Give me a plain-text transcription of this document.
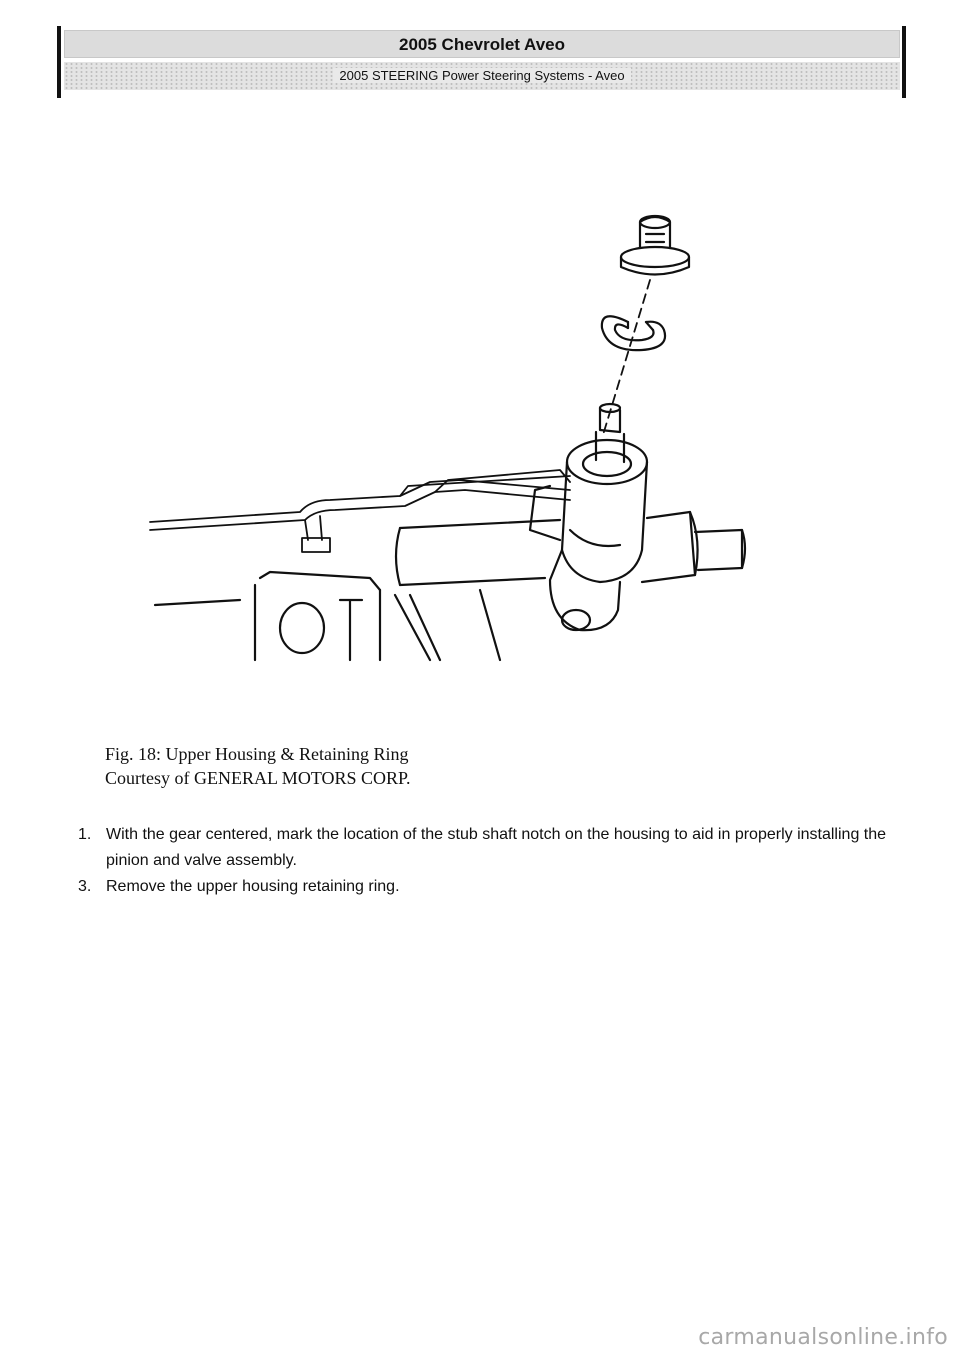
2005 Chevrolet Aveo
2005 STEERING Power Steering Systems - Aveo
Fig. 18: Upper Housing & Retaining Ring
Courtesy of GENERAL MOTORS CORP.
1. With the gear centered, mark the location of the stub shaft notch on the housing to aid in properly installing the pinion and valve assembly.
3. Remove the upper housing retaining ring.
carmanualsonline.info
